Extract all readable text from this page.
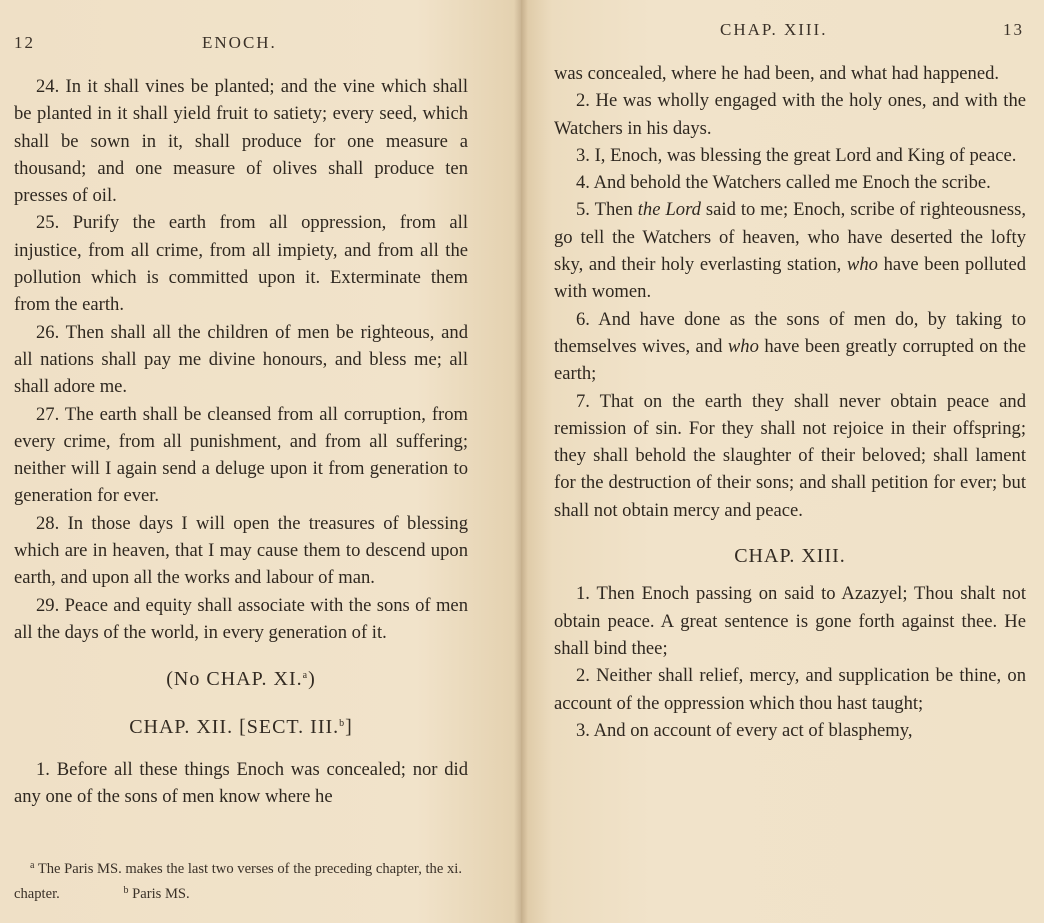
12	ENOCH.

24. In it shall vines be planted; and the vine which shall be planted in it shall yield fruit to satiety; every seed, which shall be sown in it, shall produce for one measure a thousand; and one measure of olives shall produce ten presses of oil.

25. Purify the earth from all oppression, from all injustice, from all crime, from all impiety, and from all the pollution which is committed upon it. Exterminate them from the earth.

26. Then shall all the children of men be righteous, and all nations shall pay me divine honours, and bless me; all shall adore me.

27. The earth shall be cleansed from all corruption, from every crime, from all punishment, and from all suffering; neither will I again send a deluge upon it from generation to generation for ever.

28. In those days I will open the treasures of blessing which are in heaven, that I may cause them to descend upon earth, and upon all the works and labour of man.

29. Peace and equity shall associate with the sons of men all the days of the world, in every generation of it.

(No CHAP. XI.$^a$)
CHAP. XII. [SECT. III.$^b$]

1. Before all these things Enoch was concealed; nor did any one of the sons of men know where he

$^a$ The Paris MS. makes the last two verses of the preceding chapter, the xi. chapter.	$^b$ Paris MS.

CHAP. XIII.	13

was concealed, where he had been, and what had happened.

2. He was wholly engaged with the holy ones, and with the Watchers in his days.

3. I, Enoch, was blessing the great Lord and King of peace.

4. And behold the Watchers called me Enoch the scribe.

5. Then the Lord said to me; Enoch, scribe of righteousness, go tell the Watchers of heaven, who have deserted the lofty sky, and their holy everlasting station, who have been polluted with women.

6. And have done as the sons of men do, by taking to themselves wives, and who have been greatly corrupted on the earth;

7. That on the earth they shall never obtain peace and remission of sin. For they shall not rejoice in their offspring; they shall behold the slaughter of their beloved; shall lament for the destruction of their sons; and shall petition for ever; but shall not obtain mercy and peace.

CHAP. XIII.

1. Then Enoch passing on said to Azazyel; Thou shalt not obtain peace. A great sentence is gone forth against thee. He shall bind thee;

2. Neither shall relief, mercy, and supplication be thine, on account of the oppression which thou hast taught;

3. And on account of every act of blasphemy,
